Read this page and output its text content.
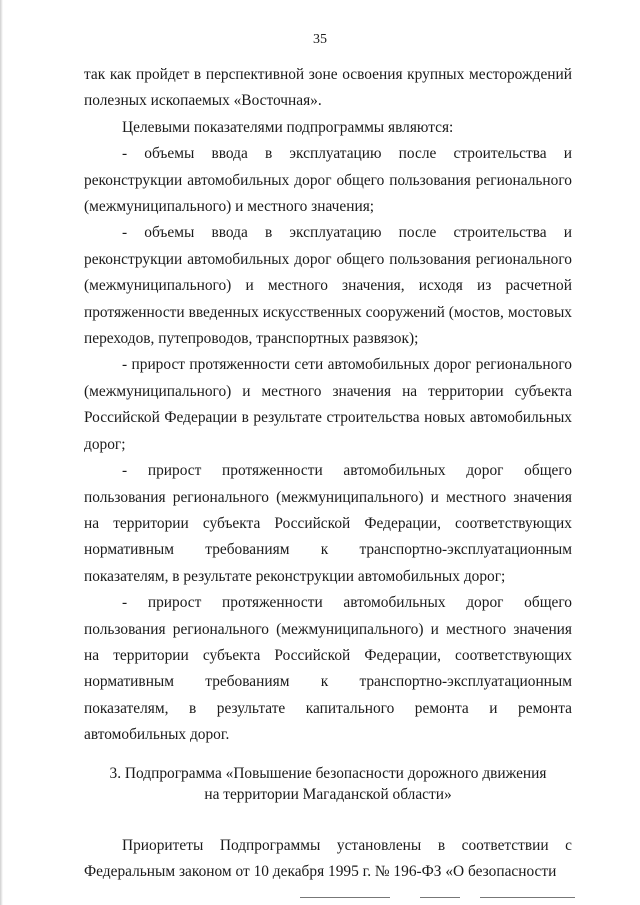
35

так как пройдет в перспективной зоне освоения крупных месторождений полезных ископаемых «Восточная».

Целевыми показателями подпрограммы являются:

- объемы ввода в эксплуатацию после строительства и реконструкции автомобильных дорог общего пользования регионального (межмуниципального) и местного значения;

- объемы ввода в эксплуатацию после строительства и реконструкции автомобильных дорог общего пользования регионального (межмуниципального) и местного значения, исходя из расчетной протяженности введенных искусственных сооружений (мостов, мостовых переходов, путепроводов, транспортных развязок);

- прирост протяженности сети автомобильных дорог регионального (межмуниципального) и местного значения на территории субъекта Российской Федерации в результате строительства новых автомобильных дорог;

- прирост протяженности автомобильных дорог общего пользования регионального (межмуниципального) и местного значения на территории субъекта Российской Федерации, соответствующих нормативным требованиям к транспортно-эксплуатационным показателям, в результате реконструкции автомобильных дорог;

- прирост протяженности автомобильных дорог общего пользования регионального (межмуниципального) и местного значения на территории субъекта Российской Федерации, соответствующих нормативным требованиям к транспортно-эксплуатационным показателям, в результате капитального ремонта и ремонта автомобильных дорог.

3. Подпрограмма «Повышение безопасности дорожного движения
на территории Магаданской области»

Приоритеты Подпрограммы установлены в соответствии с Федеральным законом от 10 декабря 1995 г. № 196-ФЗ «О безопасности
